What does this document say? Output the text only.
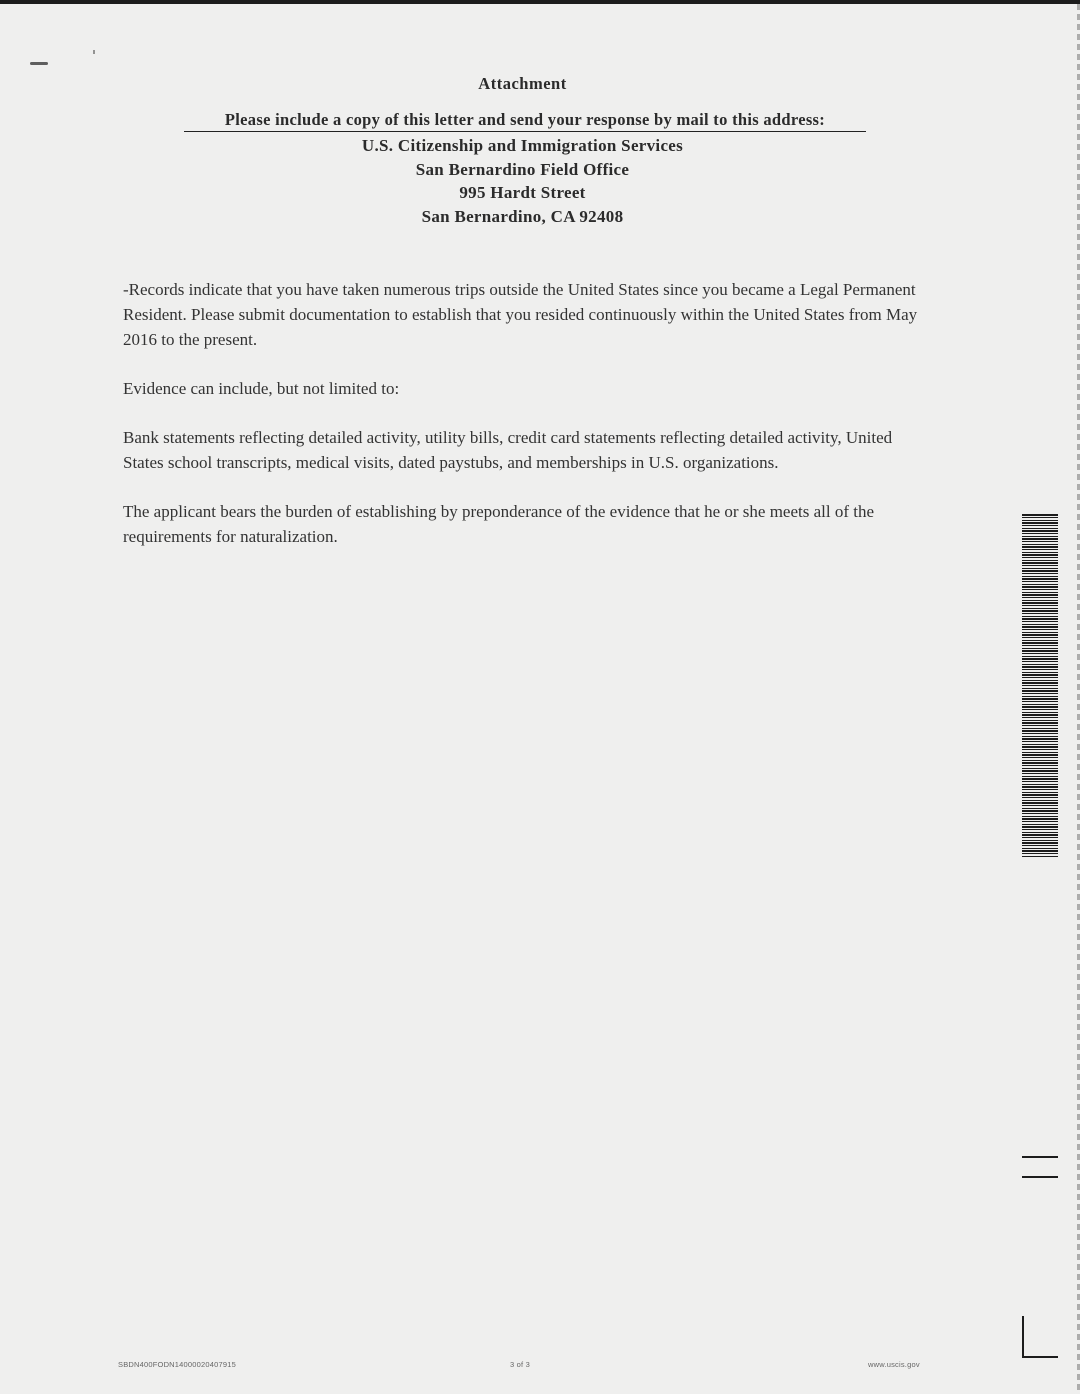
Attachment
Please include a copy of this letter and send your response by mail to this address:
U.S. Citizenship and Immigration Services
San Bernardino Field Office
995 Hardt Street
San Bernardino, CA 92408

-Records indicate that you have taken numerous trips outside the United States since you became a Legal Permanent Resident. Please submit documentation to establish that you resided continuously within the United States from May 2016 to the present.

Evidence can include, but not limited to:

Bank statements reflecting detailed activity, utility bills, credit card statements reflecting detailed activity, United States school transcripts, medical visits, dated paystubs, and memberships in U.S. organizations.

The applicant bears the burden of establishing by preponderance of the evidence that he or she meets all of the requirements for naturalization.

SBDN400FODN14000020407915	3 of 3	www.uscis.gov
